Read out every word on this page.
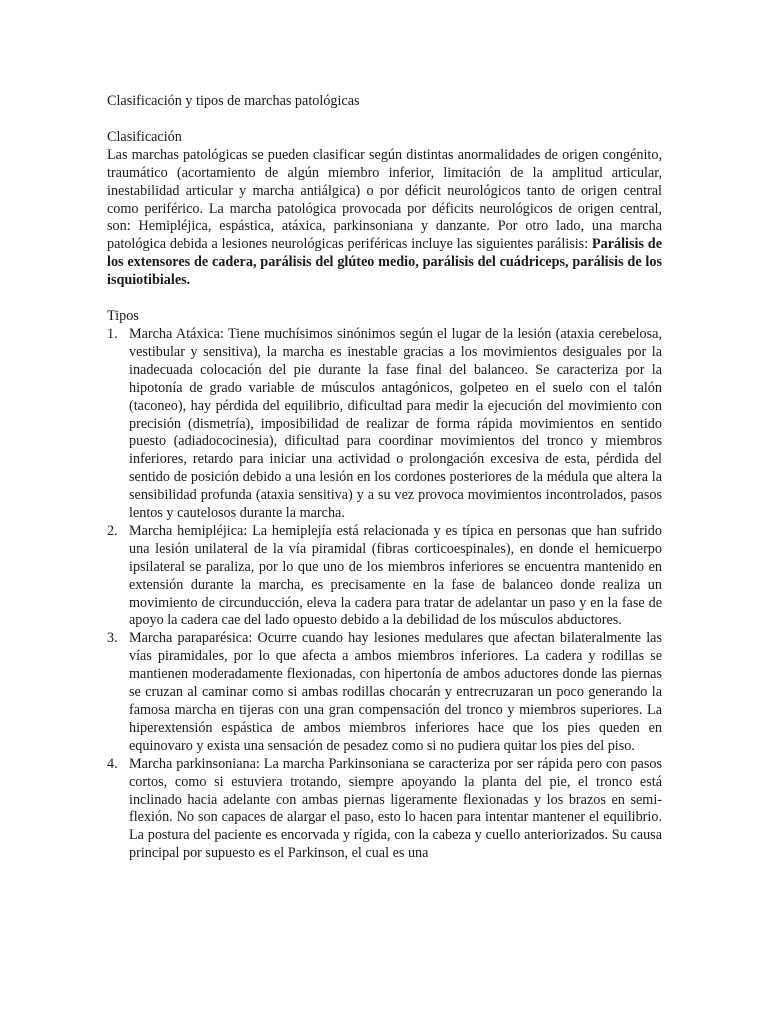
Clasificación y tipos de marchas patológicas

Clasificación

Las marchas patológicas se pueden clasificar según distintas anormalidades de origen congénito, traumático (acortamiento de algún miembro inferior, limitación de la amplitud articular, inestabilidad articular y marcha antiálgica) o por déficit neurológicos tanto de origen central como periférico. La marcha patológica provocada por déficits neurológicos de origen central, son: Hemipléjica, espástica, atáxica, parkinsoniana y danzante. Por otro lado, una marcha patológica debida a lesiones neurológicas periféricas incluye las siguientes parálisis: Parálisis de los extensores de cadera, parálisis del glúteo medio, parálisis del cuádriceps, parálisis de los isquiotibiales.

Tipos

1. Marcha Atáxica: Tiene muchísimos sinónimos según el lugar de la lesión (ataxia cerebelosa, vestibular y sensitiva), la marcha es inestable gracias a los movimientos desiguales por la inadecuada colocación del pie durante la fase final del balanceo. Se caracteriza por la hipotonía de grado variable de músculos antagónicos, golpeteo en el suelo con el talón (taconeo), hay pérdida del equilibrio, dificultad para medir la ejecución del movimiento con precisión (dismetría), imposibilidad de realizar de forma rápida movimientos en sentido puesto (adiadococinesia), dificultad para coordinar movimientos del tronco y miembros inferiores, retardo para iniciar una actividad o prolongación excesiva de esta, pérdida del sentido de posición debido a una lesión en los cordones posteriores de la médula que altera la sensibilidad profunda (ataxia sensitiva) y a su vez provoca movimientos incontrolados, pasos lentos y cautelosos durante la marcha.
2. Marcha hemipléjica: La hemiplejía está relacionada y es típica en personas que han sufrido una lesión unilateral de la vía piramidal (fibras corticoespinales), en donde el hemicuerpo ipsilateral se paraliza, por lo que uno de los miembros inferiores se encuentra mantenido en extensión durante la marcha, es precisamente en la fase de balanceo donde realiza un movimiento de circunducción, eleva la cadera para tratar de adelantar un paso y en la fase de apoyo la cadera cae del lado opuesto debido a la debilidad de los músculos abductores.
3. Marcha paraparésica: Ocurre cuando hay lesiones medulares que afectan bilateralmente las vías piramidales, por lo que afecta a ambos miembros inferiores. La cadera y rodillas se mantienen moderadamente flexionadas, con hipertonía de ambos aductores donde las piernas se cruzan al caminar como si ambas rodillas chocarán y entrecruzaran un poco generando la famosa marcha en tijeras con una gran compensación del tronco y miembros superiores. La hiperextensión espástica de ambos miembros inferiores hace que los pies queden en equinovaro y exista una sensación de pesadez como si no pudiera quitar los pies del piso.
4. Marcha parkinsoniana: La marcha Parkinsoniana se caracteriza por ser rápida pero con pasos cortos, como si estuviera trotando, siempre apoyando la planta del pie, el tronco está inclinado hacia adelante con ambas piernas ligeramente flexionadas y los brazos en semi-flexión. No son capaces de alargar el paso, esto lo hacen para intentar mantener el equilibrio. La postura del paciente es encorvada y rígida, con la cabeza y cuello anteriorizados. Su causa principal por supuesto es el Parkinson, el cual es una
